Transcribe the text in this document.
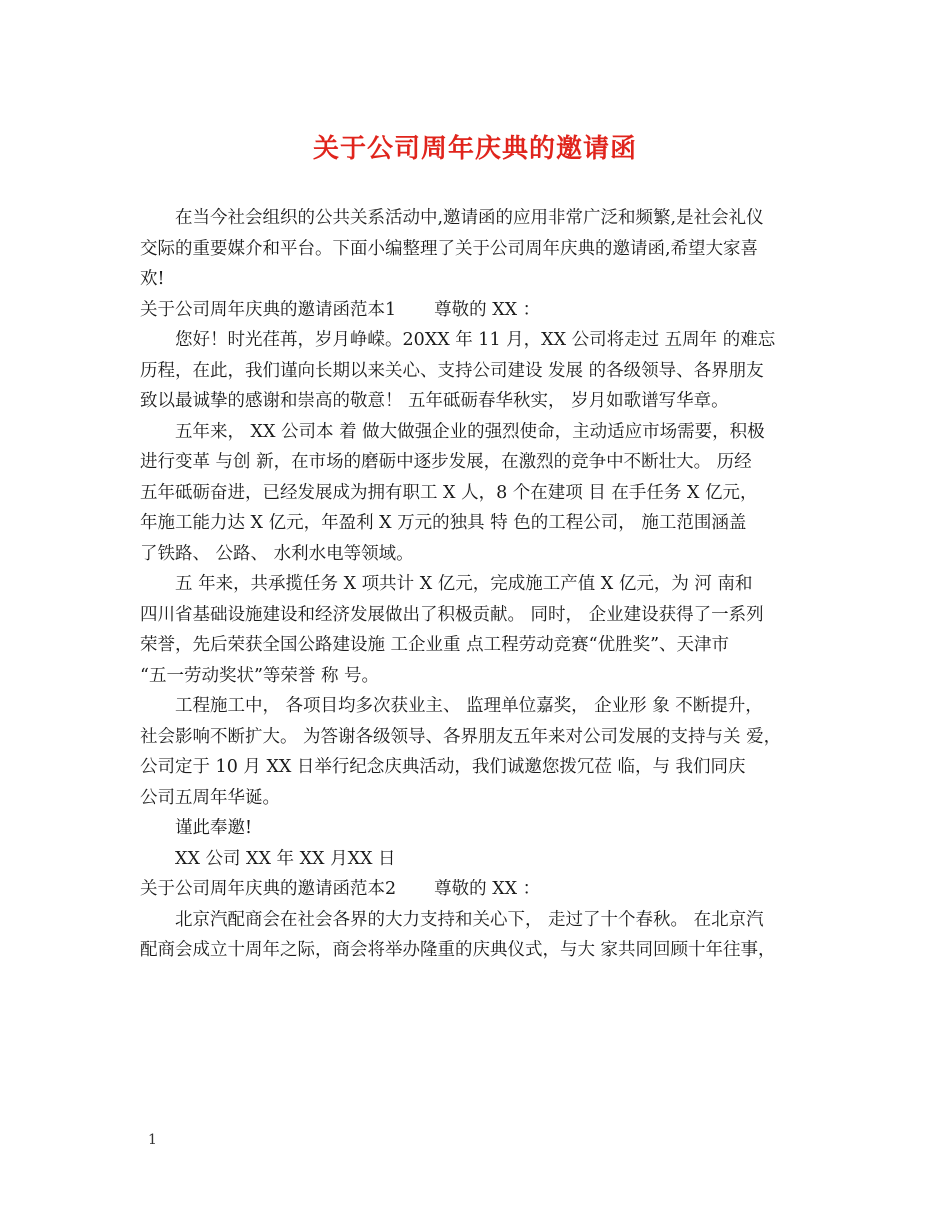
关于公司周年庆典的邀请函
在当今社会组织的公共关系活动中,邀请函的应用非常广泛和频繁,是社会礼仪
交际的重要媒介和平台。下面小编整理了关于公司周年庆典的邀请函,希望大家喜
欢!
关于公司周年庆典的邀请函范本1 尊敬的 XX ：
您好！时光荏苒，岁月峥嵘。20XX 年 11 月，XX 公司将走过 五周年 的难忘
历程，在此，我们谨向长期以来关心、支持公司建设 发展 的各级领导、各界朋友
致以最诚挚的感谢和崇高的敬意！ 五年砥砺春华秋实， 岁月如歌谱写华章。
五年来， XX 公司本 着 做大做强企业的强烈使命，主动适应市场需要，积极
进行变革 与创 新，在市场的磨砺中逐步发展，在激烈的竞争中不断壮大。 历经
五年砥砺奋进，已经发展成为拥有职工 X 人，8 个在建项 目 在手任务 X 亿元，
年施工能力达 X 亿元，年盈利 X 万元的独具 特 色的工程公司， 施工范围涵盖
了铁路、 公路、 水利水电等领域。
五 年来，共承揽任务 X 项共计 X 亿元，完成施工产值 X 亿元，为 河 南和
四川省基础设施建设和经济发展做出了积极贡献。 同时， 企业建设获得了一系列
荣誉，先后荣获全国公路建设施 工企业重 点工程劳动竞赛“优胜奖”、天津市
“五一劳动奖状”等荣誉 称 号。
工程施工中， 各项目均多次获业主、 监理单位嘉奖， 企业形 象 不断提升，
社会影响不断扩大。 为答谢各级领导、各界朋友五年来对公司发展的支持与关 爱，
公司定于 10 月 XX 日举行纪念庆典活动，我们诚邀您拨冗莅 临，与 我们同庆
公司五周年华诞。
谨此奉邀!
XX 公司 XX 年 XX 月XX 日
关于公司周年庆典的邀请函范本2 尊敬的 XX ：
北京汽配商会在社会各界的大力支持和关心下， 走过了十个春秋。 在北京汽
配商会成立十周年之际，商会将举办隆重的庆典仪式，与大 家共同回顾十年往事，
1
